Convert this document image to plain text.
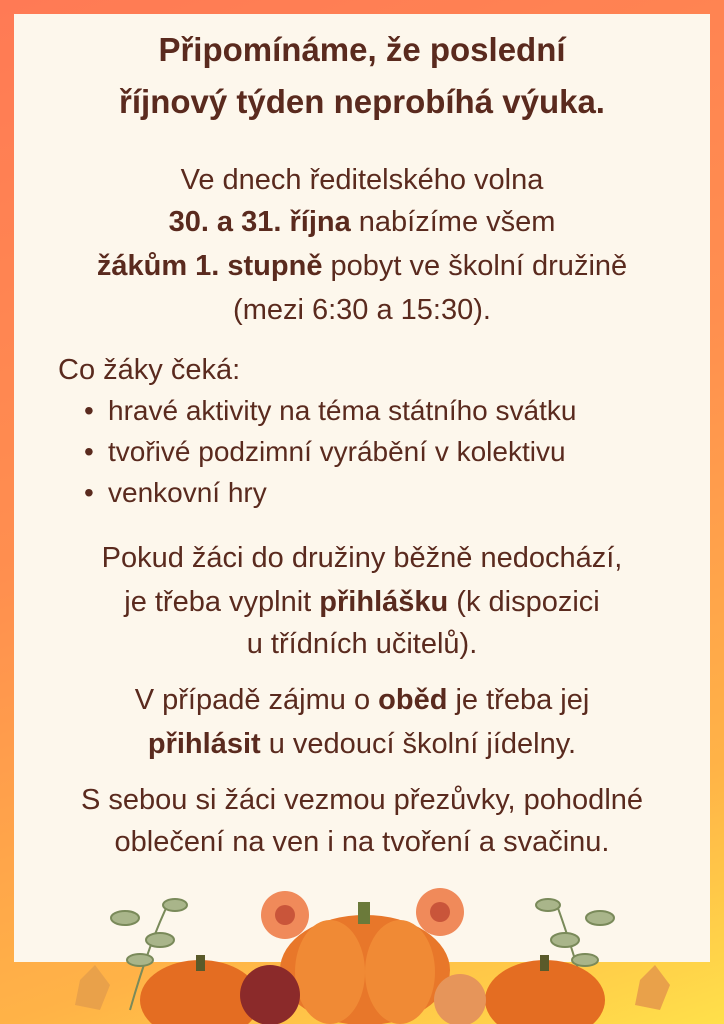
Připomínáme, že poslední
říjnový týden neprobíhá výuka.
Ve dnech ředitelského volna
30. a 31. října nabízíme všem
žákům 1. stupně pobyt ve školní družině
(mezi 6:30 a 15:30).
Co žáky čeká:
• hravé aktivity na téma státního svátku
• tvořivé podzimní vyrábění v kolektivu
• venkovní hry
Pokud žáci do družiny běžně nedochází,
je třeba vyplnit přihlášku (k dispozici
u třídních učitelů).
V případě zájmu o oběd je třeba jej
přihlásit u vedoucí školní jídelny.
S sebou si žáci vezmou přezůvky, pohodlné
oblečení na ven i na tvoření a svačinu.
